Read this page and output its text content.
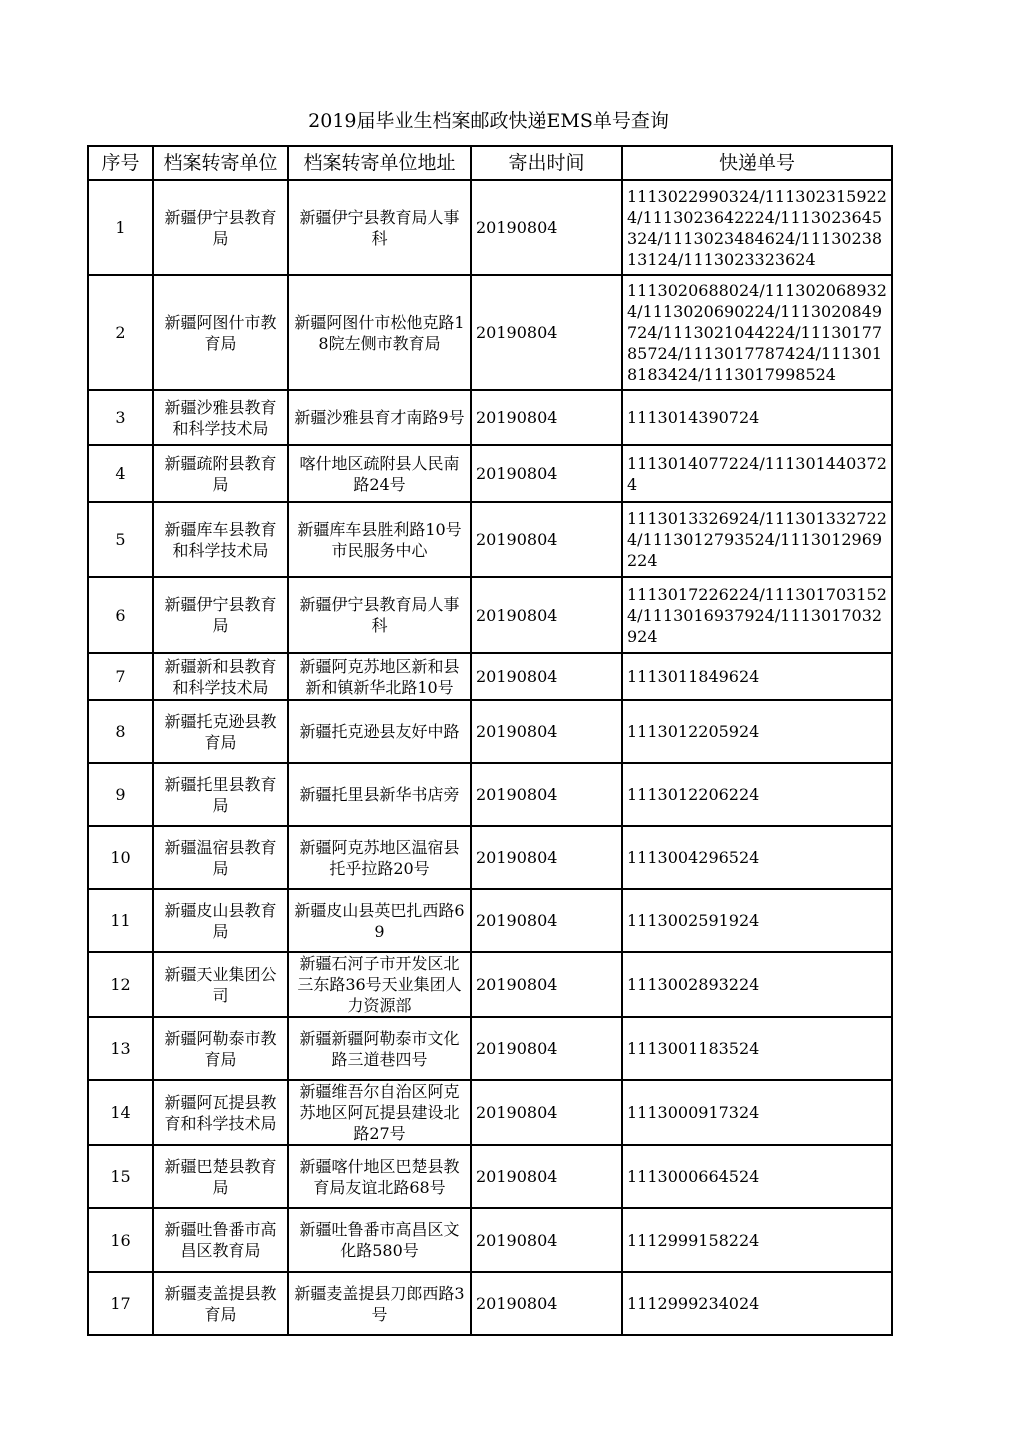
2019届毕业生档案邮政快递EMS单号查询
序号	档案转寄单位	档案转寄单位地址	寄出时间	快递单号
1	新疆伊宁县教育局	新疆伊宁县教育局人事科	20190804	1113022990324/1113023159224/1113023642224/1113023645324/1113023484624/1113023813124/1113023323624
2	新疆阿图什市教育局	新疆阿图什市松他克路18院左侧市教育局	20190804	1113020688024/1113020689324/1113020690224/1113020849724/1113021044224/1113017785724/1113017787424/1113018183424/1113017998524
3	新疆沙雅县教育和科学技术局	新疆沙雅县育才南路9号	20190804	1113014390724
4	新疆疏附县教育局	喀什地区疏附县人民南路24号	20190804	1113014077224/1113014403724
5	新疆库车县教育和科学技术局	新疆库车县胜利路10号市民服务中心	20190804	1113013326924/1113013327224/1113012793524/1113012969224
6	新疆伊宁县教育局	新疆伊宁县教育局人事科	20190804	1113017226224/1113017031524/1113016937924/1113017032924
7	新疆新和县教育和科学技术局	新疆阿克苏地区新和县新和镇新华北路10号	20190804	1113011849624
8	新疆托克逊县教育局	新疆托克逊县友好中路	20190804	1113012205924
9	新疆托里县教育局	新疆托里县新华书店旁	20190804	1113012206224
10	新疆温宿县教育局	新疆阿克苏地区温宿县托乎拉路20号	20190804	1113004296524
11	新疆皮山县教育局	新疆皮山县英巴扎西路69	20190804	1113002591924
12	新疆天业集团公司	新疆石河子市开发区北三东路36号天业集团人力资源部	20190804	1113002893224
13	新疆阿勒泰市教育局	新疆新疆阿勒泰市文化路三道巷四号	20190804	1113001183524
14	新疆阿瓦提县教育和科学技术局	新疆维吾尔自治区阿克苏地区阿瓦提县建设北路27号	20190804	1113000917324
15	新疆巴楚县教育局	新疆喀什地区巴楚县教育局友谊北路68号	20190804	1113000664524
16	新疆吐鲁番市高昌区教育局	新疆吐鲁番市高昌区文化路580号	20190804	1112999158224
17	新疆麦盖提县教育局	新疆麦盖提县刀郎西路3号	20190804	1112999234024
